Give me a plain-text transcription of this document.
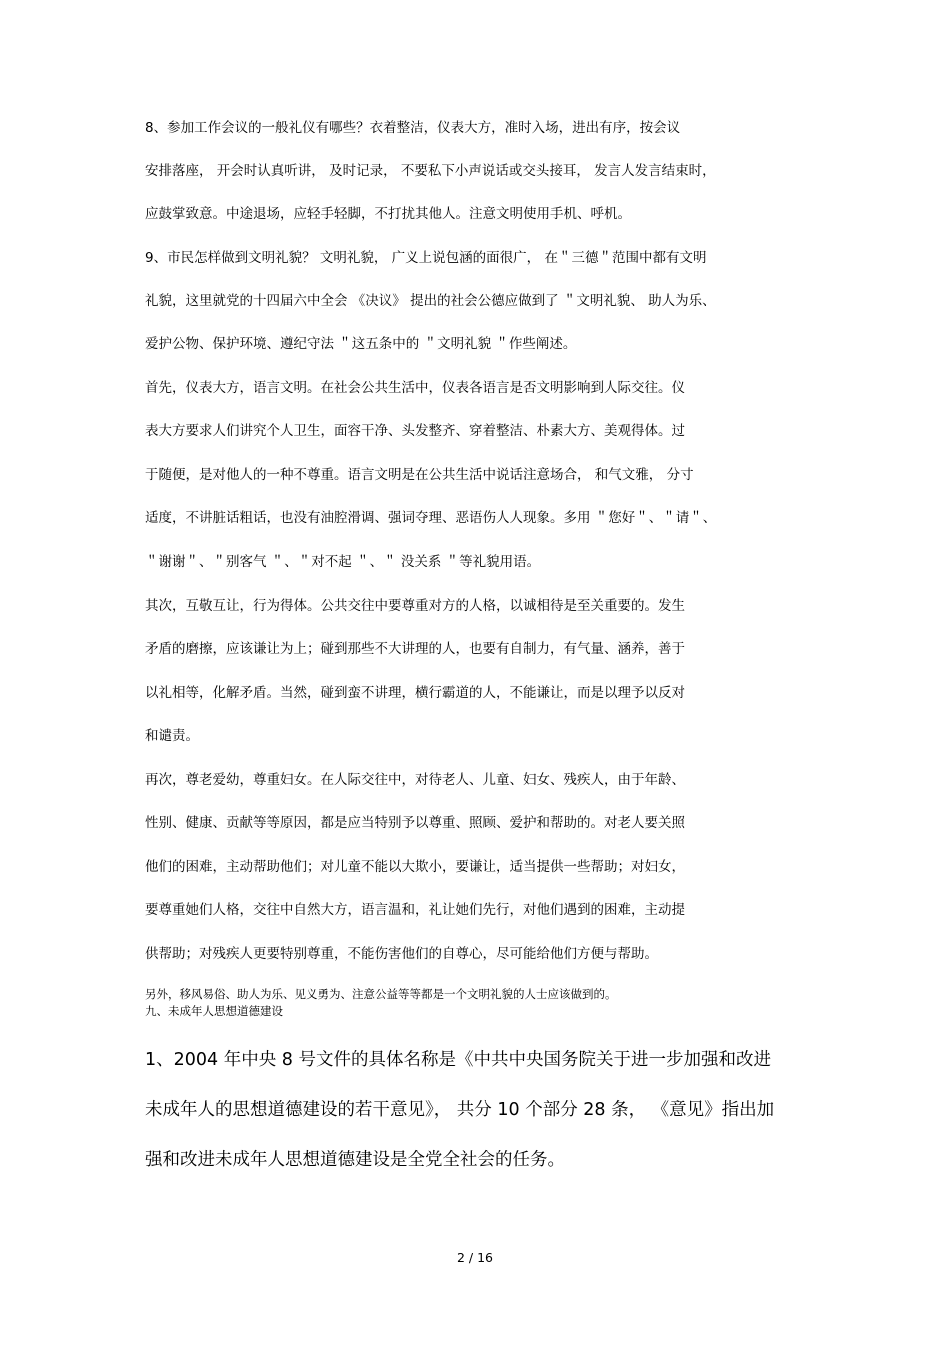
8、参加工作会议的一般礼仪有哪些？衣着整洁，仪表大方，准时入场，进出有序，按会议
安排落座， 开会时认真听讲， 及时记录， 不要私下小声说话或交头接耳， 发言人发言结束时，
应鼓掌致意。中途退场，应轻手轻脚，不打扰其他人。注意文明使用手机、呼机。
9、市民怎样做到文明礼貌？ 文明礼貌， 广义上说包涵的面很广， 在＂三德＂范围中都有文明
礼貌，这里就党的十四届六中全会 《决议》 提出的社会公德应做到了 ＂文明礼貌、 助人为乐、
爱护公物、保护环境、遵纪守法 ＂这五条中的 ＂文明礼貌 ＂作些阐述。
首先，仪表大方，语言文明。在社会公共生活中，仪表各语言是否文明影响到人际交往。仪
表大方要求人们讲究个人卫生，面容干净、头发整齐、穿着整洁、朴素大方、美观得体。过
于随便，是对他人的一种不尊重。语言文明是在公共生活中说话注意场合， 和气文雅， 分寸
适度，不讲脏话粗话，也没有油腔滑调、强词夺理、恶语伤人人现象。多用 ＂您好＂、＂请＂、
＂谢谢＂、＂别客气 ＂、＂对不起 ＂、＂ 没关系 ＂等礼貌用语。
其次，互敬互让，行为得体。公共交往中要尊重对方的人格，以诚相待是至关重要的。发生
矛盾的磨擦，应该谦让为上；碰到那些不大讲理的人，也要有自制力，有气量、涵养，善于
以礼相等，化解矛盾。当然，碰到蛮不讲理，横行霸道的人，不能谦让，而是以理予以反对
和谴责。
再次，尊老爱幼，尊重妇女。在人际交往中，对待老人、儿童、妇女、残疾人，由于年龄、
性别、健康、贡献等等原因，都是应当特别予以尊重、照顾、爱护和帮助的。对老人要关照
他们的困难，主动帮助他们；对儿童不能以大欺小，要谦让，适当提供一些帮助；对妇女，
要尊重她们人格，交往中自然大方，语言温和，礼让她们先行，对他们遇到的困难，主动提
供帮助；对残疾人更要特别尊重，不能伤害他们的自尊心，尽可能给他们方便与帮助。
另外，移风易俗、助人为乐、见义勇为、注意公益等等都是一个文明礼貌的人士应该做到的。
九、未成年人思想道德建设
1、2004 年中央 8 号文件的具体名称是《中共中央国务院关于进一步加强和改进
未成年人的思想道德建设的若干意见》， 共分 10 个部分 28 条， 《意见》指出加
强和改进未成年人思想道德建设是全党全社会的任务。
2 / 16
